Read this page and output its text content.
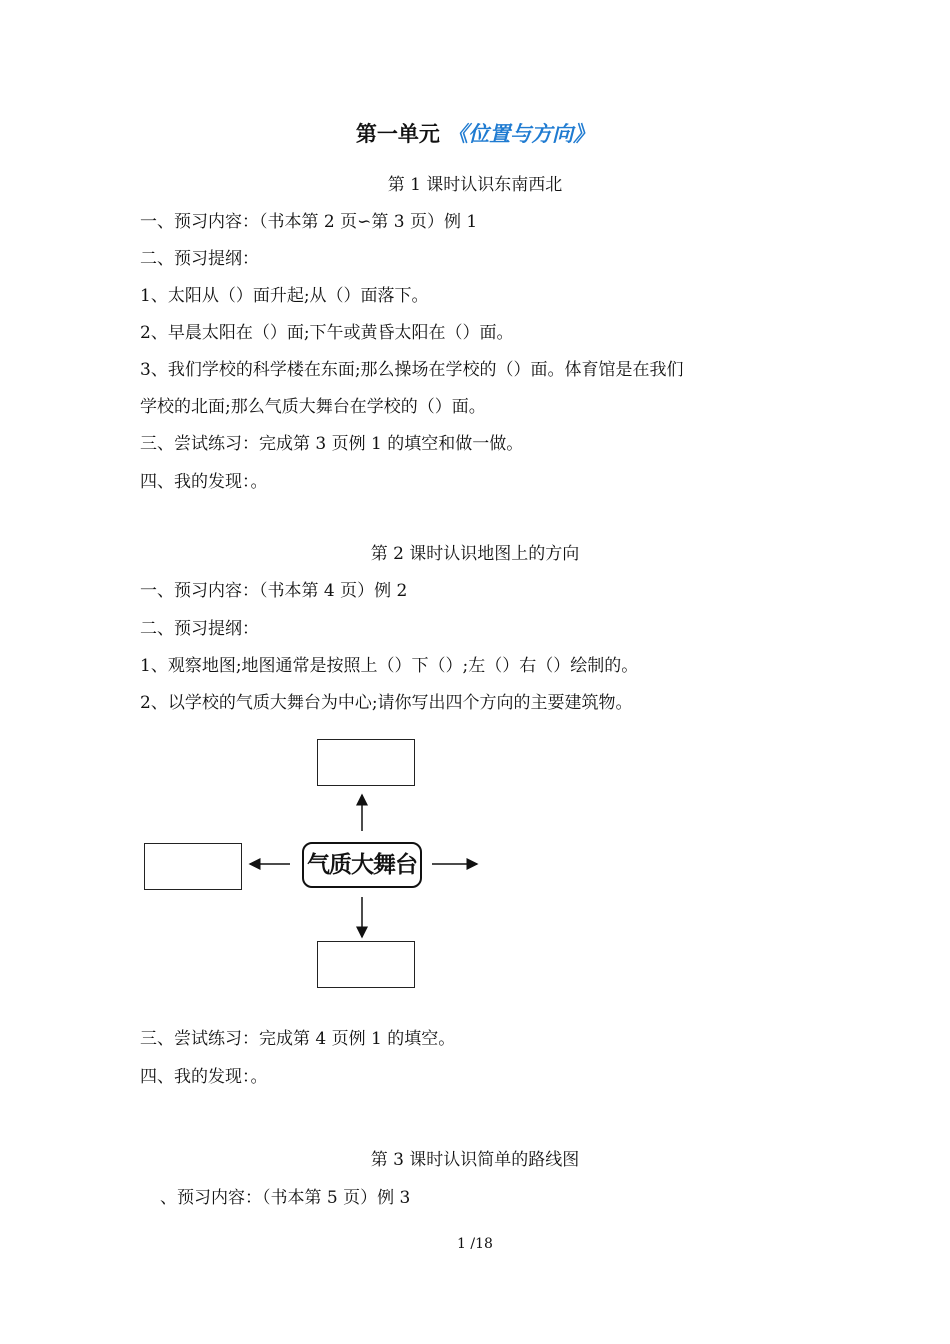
第一单元 《位置与方向》
第 1 课时认识东南西北
一、预习内容：（书本第 2 页∽第 3 页）例 1
二、预习提纲：
1、太阳从（）面升起;从（）面落下。
2、早晨太阳在（）面;下午或黄昏太阳在（）面。
3、我们学校的科学楼在东面;那么操场在学校的（）面。体育馆是在我们
学校的北面;那么气质大舞台在学校的（）面。
三、尝试练习：完成第 3 页例 1 的填空和做一做。
四、我的发现：。
第 2 课时认识地图上的方向
一、预习内容：（书本第 4 页）例 2
二、预习提纲：
1、观察地图;地图通常是按照上（）下（）;左（）右（）绘制的。
2、以学校的气质大舞台为中心;请你写出四个方向的主要建筑物。
气质大舞台
三、尝试练习：完成第 4 页例 1 的填空。
四、我的发现：。
第 3 课时认识简单的路线图
、预习内容：（书本第 5 页）例 3
1 /18
